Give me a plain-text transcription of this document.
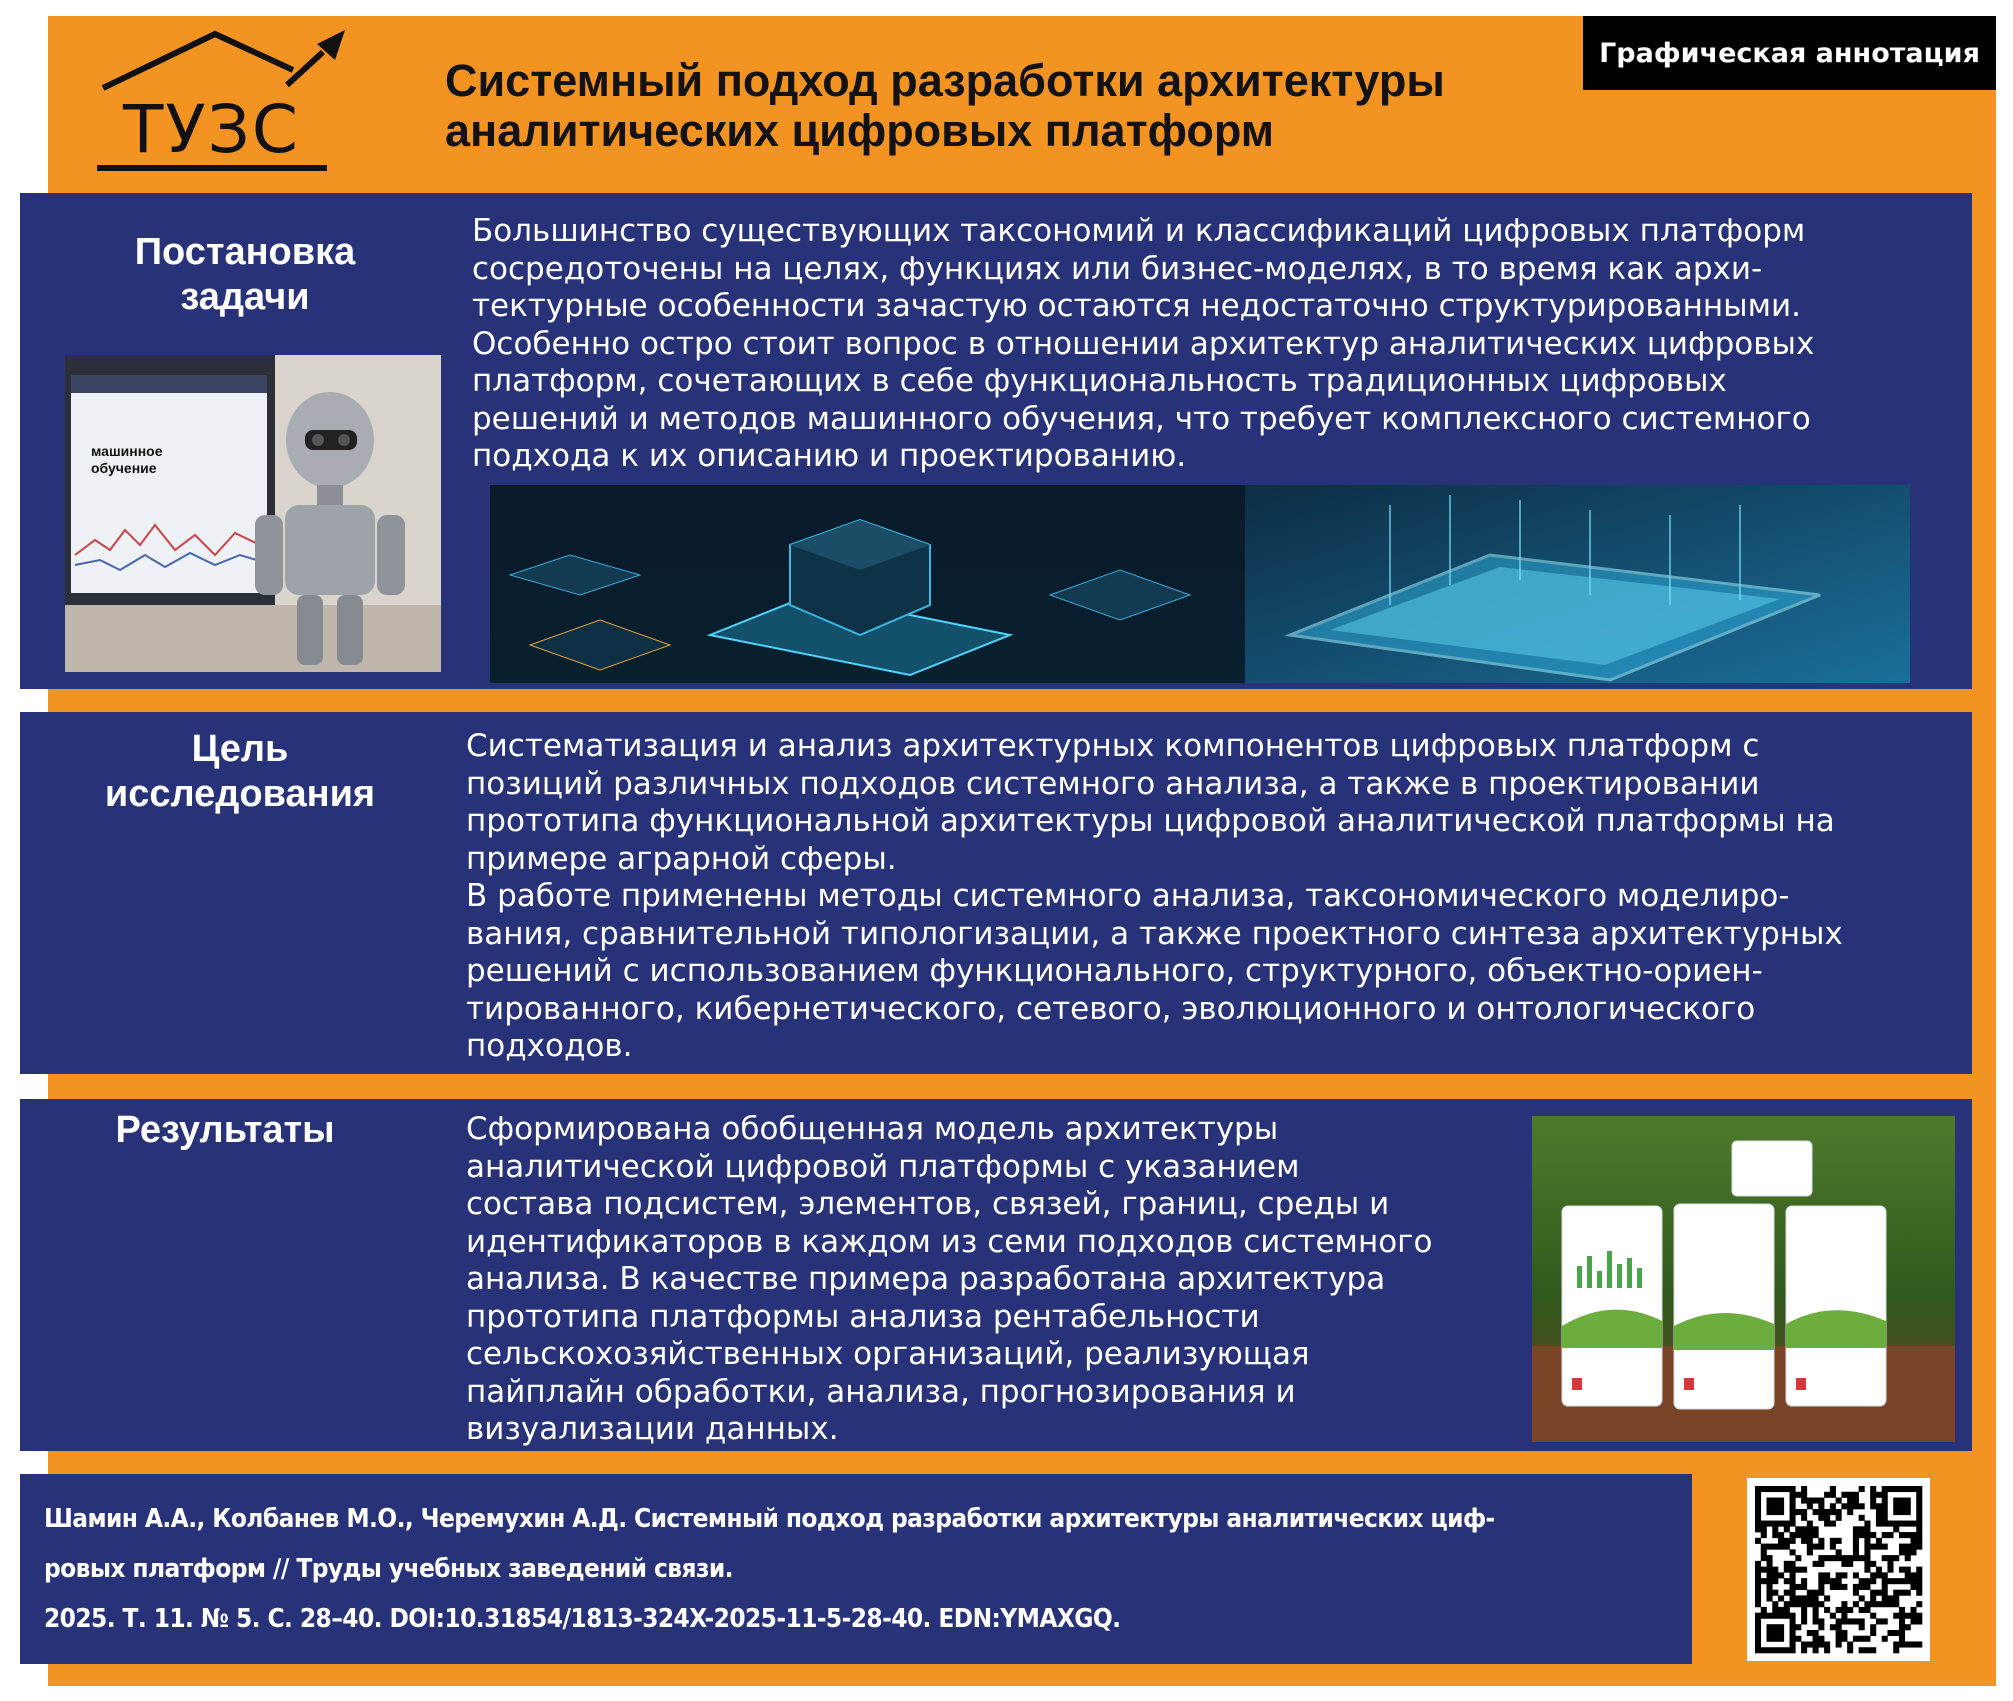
ТУЗС
Графическая аннотация
Системный подход разработки архитектуры
аналитических цифровых платформ
Постановка
задачи
Большинство существующих таксономий и классификаций цифровых платформ
сосредоточены на целях, функциях или бизнес-моделях, в то время как архи-
тектурные особенности зачастую остаются недостаточно структурированными.
Особенно остро стоит вопрос в отношении архитектур аналитических цифровых
платформ, сочетающих в себе функциональность традиционных цифровых
решений и методов машинного обучения, что требует комплексного системного
подхода к их описанию и проектированию.
машинное
обучение
Цель
исследования
Систематизация и анализ архитектурных компонентов цифровых платформ с
позиций различных подходов системного анализа, а также в проектировании
прототипа функциональной архитектуры цифровой аналитической платформы на
примере аграрной сферы.
В работе применены методы системного анализа, таксономического моделиро-
вания, сравнительной типологизации, а также проектного синтеза архитектурных
решений с использованием функционального, структурного, объектно-ориен-
тированного, кибернетического, сетевого, эволюционного и онтологического
подходов.
Результаты	Сформирована обобщенная модель архитектуры
аналитической цифровой платформы с указанием
состава подсистем, элементов, связей, границ, среды и
идентификаторов в каждом из семи подходов системного
анализа. В качестве примера разработана архитектура
прототипа платформы анализа рентабельности
сельскохозяйственных организаций, реализующая
пайплайн обработки, анализа, прогнозирования и
визуализации данных.
Шамин А.А., Колбанев М.О., Черемухин А.Д. Системный подход разработки архитектуры аналитических циф-
ровых платформ // Труды учебных заведений связи.
2025. Т. 11. № 5. С. 28–40. DOI:10.31854/1813-324X-2025-11-5-28-40. EDN:YMAXGQ.
